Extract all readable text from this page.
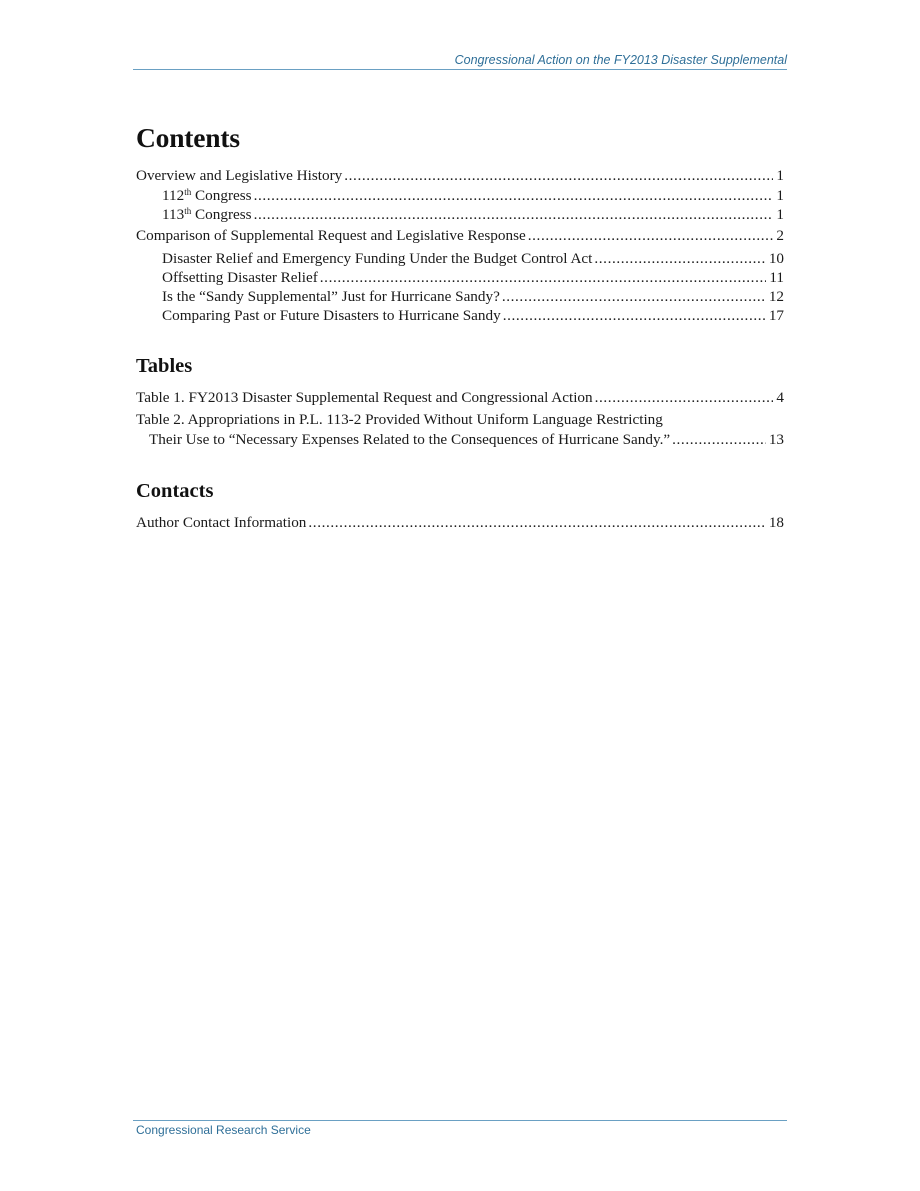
Congressional Action on the FY2013 Disaster Supplemental
Contents
Overview and Legislative History .....	1
112th Congress .....	1
113th Congress .....	1
Comparison of Supplemental Request and Legislative Response .....	2
Disaster Relief and Emergency Funding Under the Budget Control Act .....	10
Offsetting Disaster Relief .....	11
Is the “Sandy Supplemental” Just for Hurricane Sandy? .....	12
Comparing Past or Future Disasters to Hurricane Sandy .....	17
Tables
Table 1. FY2013 Disaster Supplemental Request and Congressional Action .....	4
Table 2. Appropriations in P.L. 113-2 Provided Without Uniform Language Restricting
Their Use to “Necessary Expenses Related to the Consequences of Hurricane Sandy.” .....	13
Contacts
Author Contact Information .....	18
Congressional Research Service
